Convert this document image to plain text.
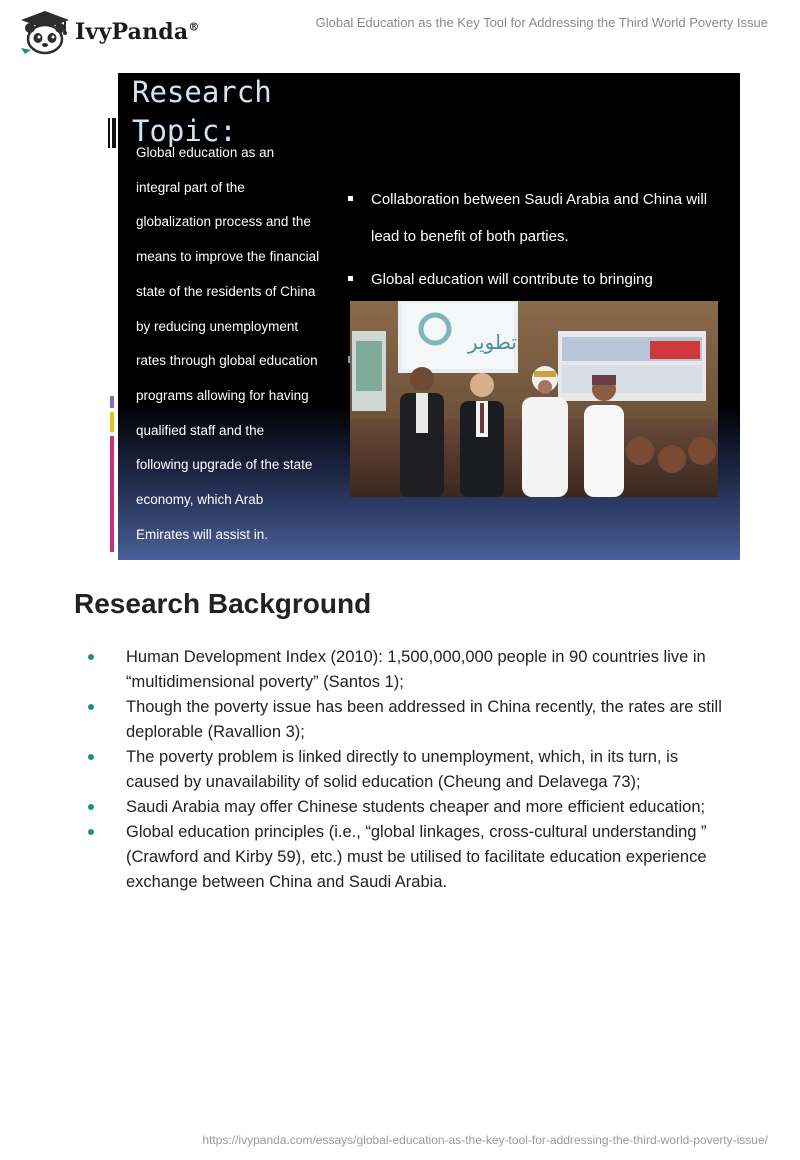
IvyPanda®	Global Education as the Key Tool for Addressing the Third World Poverty Issue
Research
Topic:
Global education as an
integral part of the
globalization process and the
means to improve the financial
state of the residents of China
by reducing unemployment
rates through global education
programs allowing for having
qualified staff and the
following upgrade of the state
economy, which Arab
Emirates will assist in.
Collaboration between Saudi Arabia and China will lead to benefit of both parties.
Global education will contribute to bringing
تطوير
Research Background
Human Development Index (2010): 1,500,000,000 people in 90 countries live in “multidimensional poverty” (Santos 1);
Though the poverty issue has been addressed in China recently, the rates are still deplorable (Ravallion 3);
The poverty problem is linked directly to unemployment, which, in its turn, is caused by unavailability of solid education (Cheung and Delavega 73);
Saudi Arabia may offer Chinese students cheaper and more efficient education;
Global education principles (i.e., “global linkages, cross-cultural understanding ” (Crawford and Kirby 59), etc.) must be utilised to facilitate education experience exchange between China and Saudi Arabia.
https://ivypanda.com/essays/global-education-as-the-key-tool-for-addressing-the-third-world-poverty-issue/
